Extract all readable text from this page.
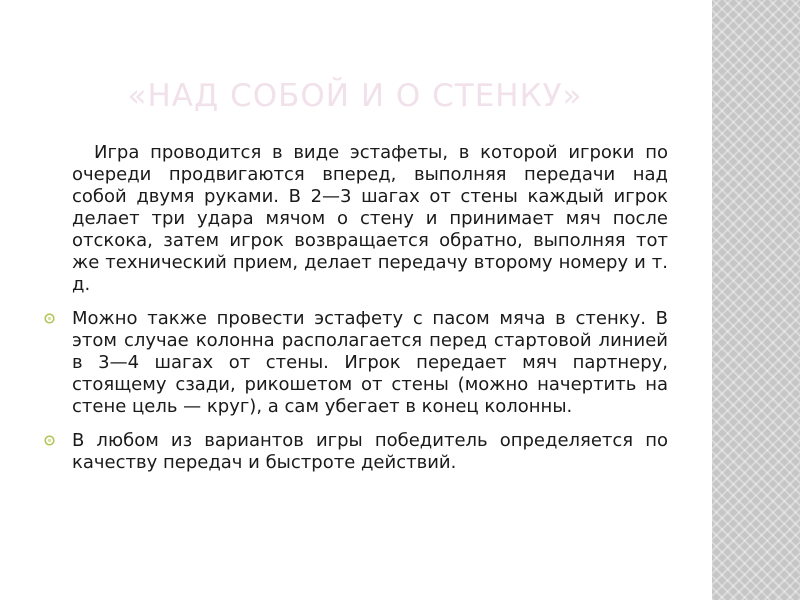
«НАД СОБОЙ И О СТЕНКУ»

Игра проводится в виде эстафеты, в которой игроки по очереди продвигаются вперед, выполняя передачи над собой двумя руками. В 2—3 шагах от стены каждый игрок делает три удара мячом о стену и принимает мяч после отскока, затем игрок возвращается обратно, выполняя тот же технический прием, делает передачу второму номеру и т. д.

Можно также провести эстафету с пасом мяча в стенку. В этом случае колонна располагается перед стартовой линией в 3—4 шагах от стены. Игрок передает мяч партнеру, стоящему сзади, рикошетом от стены (можно начертить на стене цель — круг), а сам убегает в конец колонны.
В любом из вариантов игры победитель определяется по качеству передач и быстроте действий.
